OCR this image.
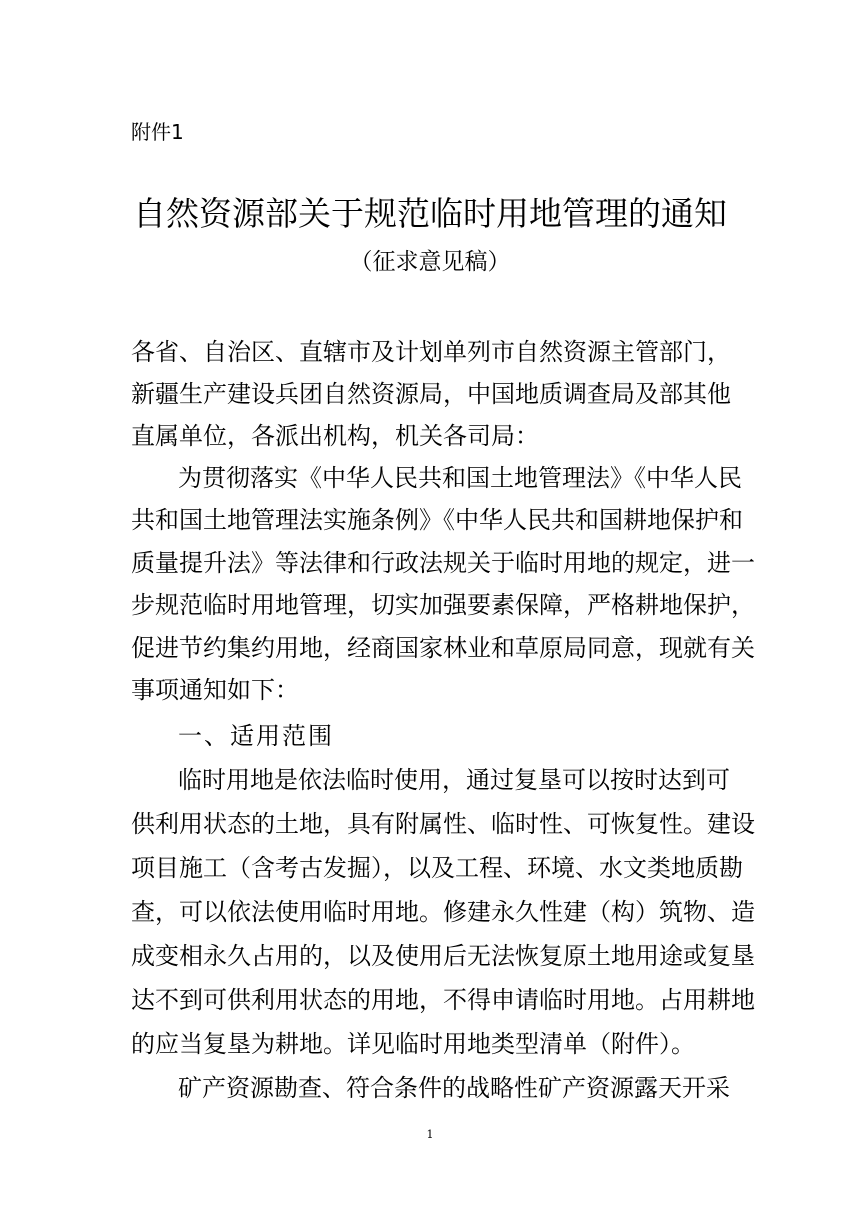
附件1
自然资源部关于规范临时用地管理的通知
（征求意见稿）
各省、自治区、直辖市及计划单列市自然资源主管部门，
新疆生产建设兵团自然资源局，中国地质调查局及部其他
直属单位，各派出机构，机关各司局：
为贯彻落实《中华人民共和国土地管理法》《中华人民
共和国土地管理法实施条例》《中华人民共和国耕地保护和
质量提升法》等法律和行政法规关于临时用地的规定，进一
步规范临时用地管理，切实加强要素保障，严格耕地保护，
促进节约集约用地，经商国家林业和草原局同意，现就有关
事项通知如下：
一、适用范围
临时用地是依法临时使用，通过复垦可以按时达到可
供利用状态的土地，具有附属性、临时性、可恢复性。建设
项目施工（含考古发掘），以及工程、环境、水文类地质勘
查，可以依法使用临时用地。修建永久性建（构）筑物、造
成变相永久占用的，以及使用后无法恢复原土地用途或复垦
达不到可供利用状态的用地，不得申请临时用地。占用耕地
的应当复垦为耕地。详见临时用地类型清单（附件）。
矿产资源勘查、符合条件的战略性矿产资源露天开采
1
